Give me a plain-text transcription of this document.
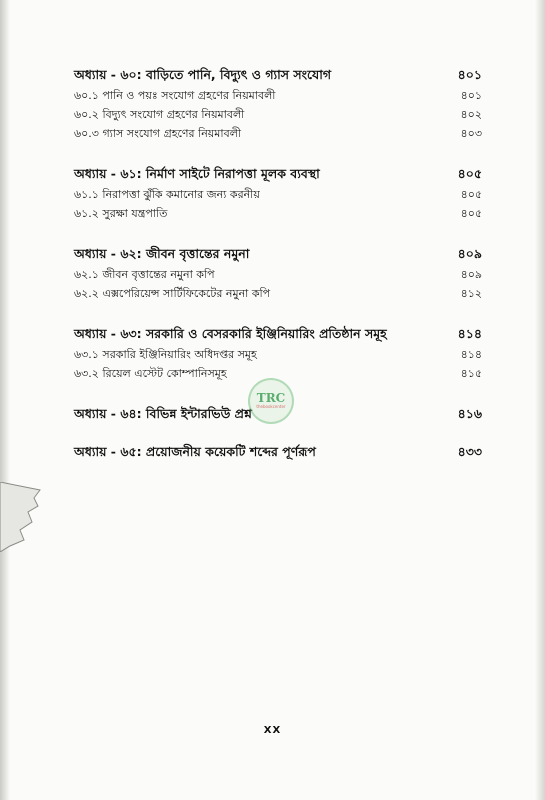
অধ্যায় - ৬০: বাড়িতে পানি, বিদ্যুৎ ও গ্যাস সংযোগ	৪০১
৬০.১ পানি ও পয়ঃ সংযোগ গ্রহণের নিয়মাবলী	৪০১
৬০.২ বিদ্যুৎ সংযোগ গ্রহণের নিয়মাবলী	৪০২
৬০.৩ গ্যাস সংযোগ গ্রহণের নিয়মাবলী	৪০৩
অধ্যায় - ৬১: নির্মাণ সাইটে নিরাপত্তা মূলক ব্যবস্থা	৪০৫
৬১.১ নিরাপত্তা ঝুঁকি কমানোর জন্য করনীয়	৪০৫
৬১.২ সুরক্ষা যন্ত্রপাতি	৪০৫
অধ্যায় - ৬২: জীবন বৃত্তান্তের নমুনা	৪০৯
৬২.১ জীবন বৃত্তান্তের নমুনা কপি	৪০৯
৬২.২ এক্সপেরিয়েন্স সার্টিফিকেটের নমুনা কপি	৪১২
অধ্যায় - ৬৩: সরকারি ও বেসরকারি ইঞ্জিনিয়ারিং প্রতিষ্ঠান সমূহ	৪১৪
৬৩.১ সরকারি ইঞ্জিনিয়ারিং অধিদপ্তর সমূহ	৪১৪
৬৩.২ রিয়েল এস্টেট কোম্পানিসমূহ	৪১৫
অধ্যায় - ৬৪: বিভিন্ন ইন্টারভিউ প্রশ্ন	৪১৬
অধ্যায় - ৬৫: প্রয়োজনীয় কয়েকটি শব্দের পূর্ণরূপ	৪৩৩
TRC
thebookcenter
XX
